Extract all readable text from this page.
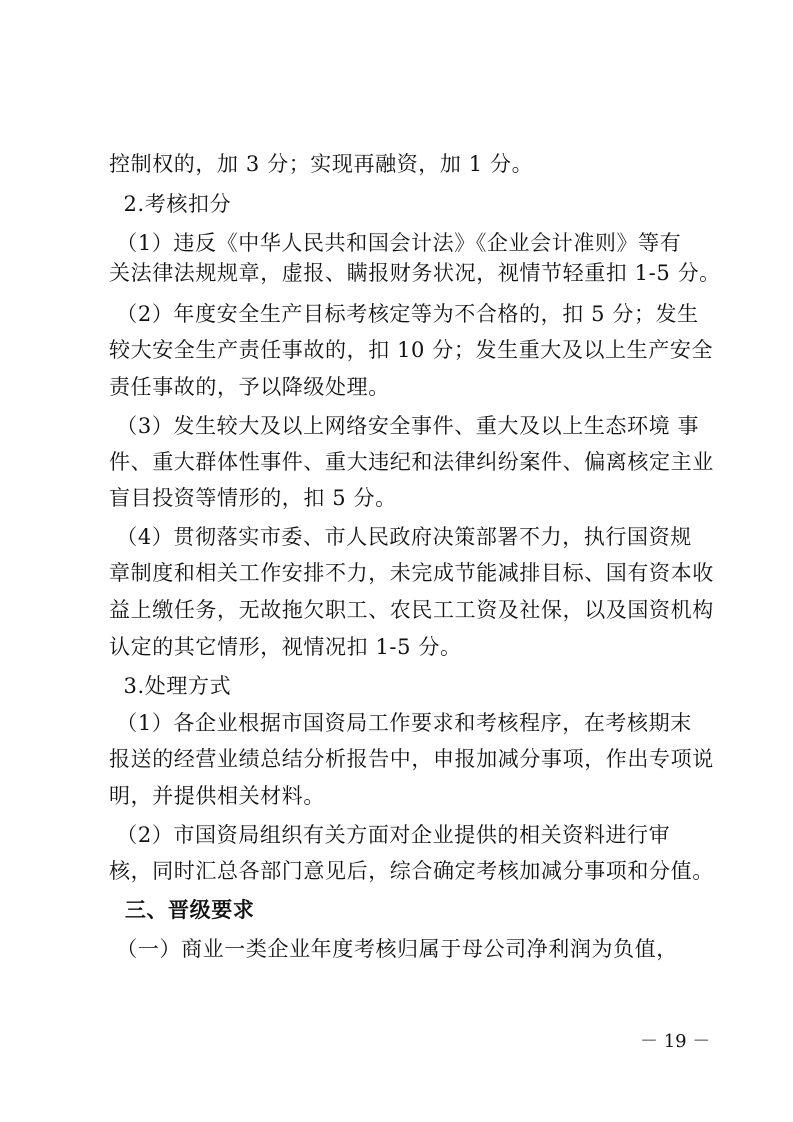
控制权的，加 3 分；实现再融资，加 1 分。
2.考核扣分
（1）违反《中华人民共和国会计法》《企业会计准则》等有
关法律法规规章，虚报、瞒报财务状况，视情节轻重扣 1-5 分。
（2）年度安全生产目标考核定等为不合格的，扣 5 分；发生
较大安全生产责任事故的，扣 10 分；发生重大及以上生产安全
责任事故的，予以降级处理。
（3）发生较大及以上网络安全事件、重大及以上生态环境 事
件、重大群体性事件、重大违纪和法律纠纷案件、偏离核定主业
盲目投资等情形的，扣 5 分。
（4）贯彻落实市委、市人民政府决策部署不力，执行国资规
章制度和相关工作安排不力，未完成节能减排目标、国有资本收
益上缴任务，无故拖欠职工、农民工工资及社保，以及国资机构
认定的其它情形，视情况扣 1-5 分。
3.处理方式
（1）各企业根据市国资局工作要求和考核程序，在考核期末
报送的经营业绩总结分析报告中，申报加减分事项，作出专项说
明，并提供相关材料。
（2）市国资局组织有关方面对企业提供的相关资料进行审
核，同时汇总各部门意见后，综合确定考核加减分事项和分值。
三、晋级要求
（一）商业一类企业年度考核归属于母公司净利润为负值，
－ 19 －
